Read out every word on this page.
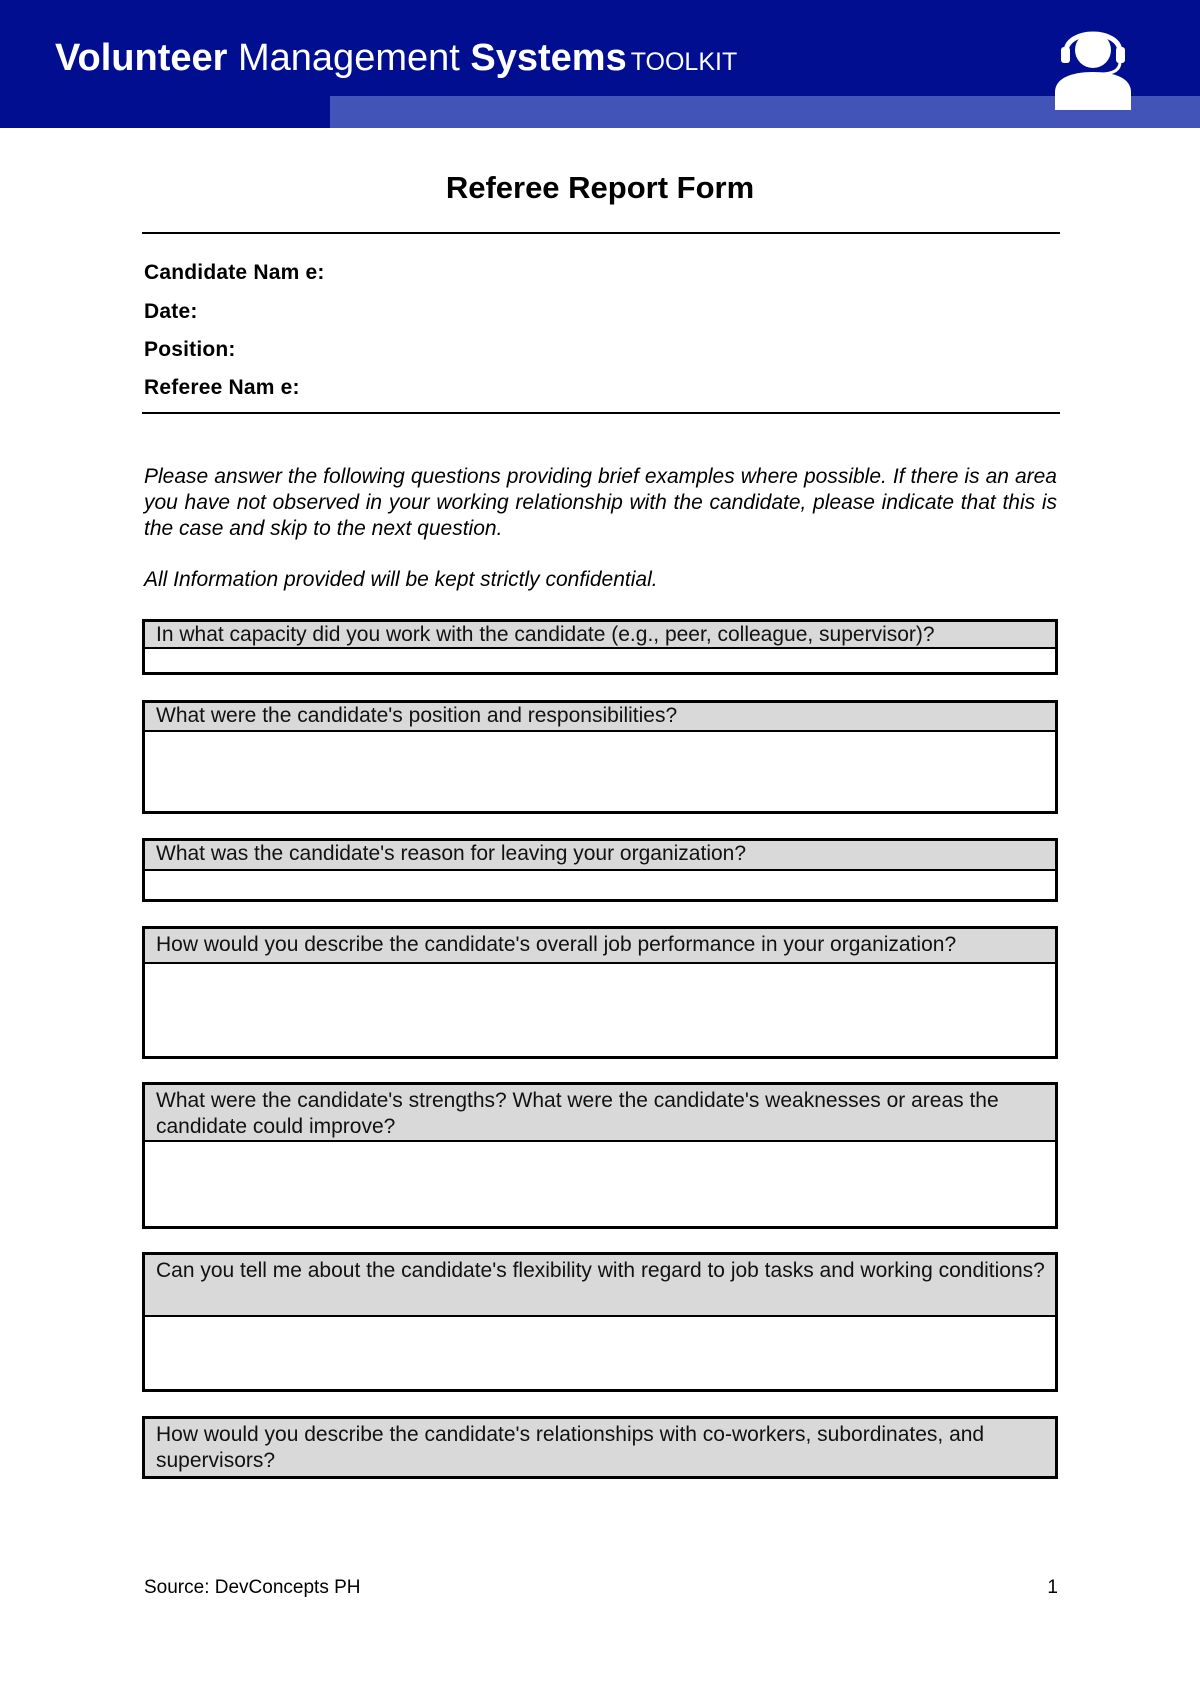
Volunteer Management Systems TOOLKIT
Referee Report Form
Candidate Nam e:
Date:
Position:
Referee Nam e:
Please answer the following questions providing brief examples where possible. If there is an area you have not observed in your working relationship with the candidate, please indicate that this is the case and skip to the next question.
All Information provided will be kept strictly confidential.
In what capacity did you work with the candidate (e.g., peer, colleague, supervisor)?
What were the candidate's position and responsibilities?
What was the candidate's reason for leaving your organization?
How would you describe the candidate's overall job performance in your organization?
What were the candidate's strengths? What were the candidate's weaknesses or areas the candidate could improve?
Can you tell me about the candidate's flexibility with regard to job tasks and working conditions?
How would you describe the candidate's relationships with co-workers, subordinates, and supervisors?
Source: DevConcepts PH	1
